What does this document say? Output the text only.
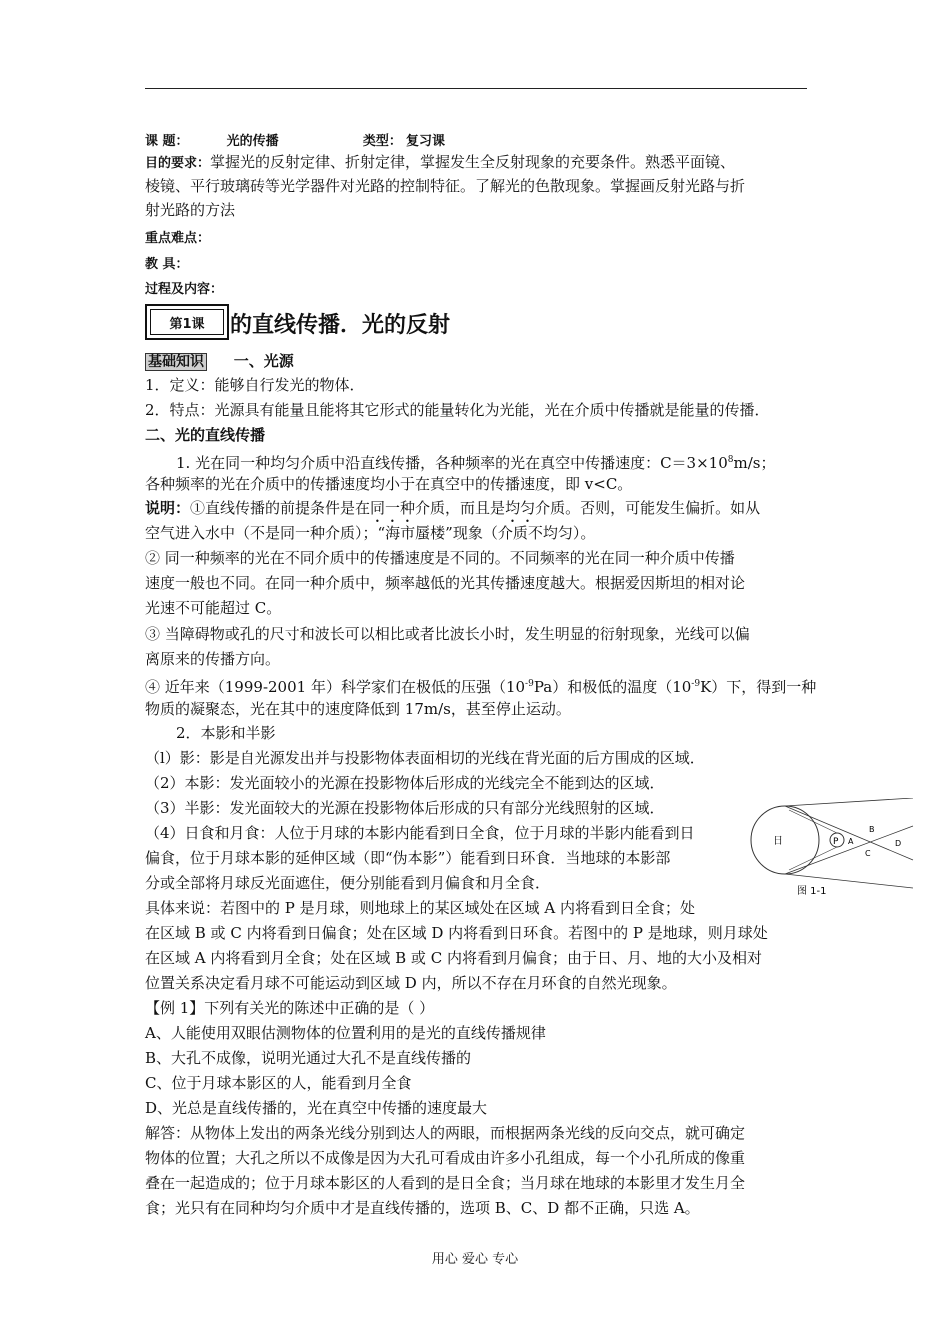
课 题：	光的传播	类型： 复习课
目的要求：掌握光的反射定律、折射定律，掌握发生全反射现象的充要条件。熟悉平面镜、
棱镜、平行玻璃砖等光学器件对光路的控制特征。了解光的色散现象。掌握画反射光路与折
射光路的方法
重点难点：
教 具：
过程及内容：
第1课	的直线传播．光的反射
基础知识 一、光源
1．定义：能够自行发光的物体．
2．特点：光源具有能量且能将其它形式的能量转化为光能，光在介质中传播就是能量的传播．
二、光的直线传播
1. 光在同一种均匀介质中沿直线传播，各种频率的光在真空中传播速度：$C=3\times 10^8m/s$；
各种频率的光在介质中的传播速度均小于在真空中的传播速度，即 v<C。
说明：①直线传播的前提条件是在同一种介质，而且是均匀介质。否则，可能发生偏折。如从
空气进入水中（不是同一种介质）；“海市蜃楼”现象（介质不均匀）。
② 同一种频率的光在不同介质中的传播速度是不同的。不同频率的光在同一种介质中传播
速度一般也不同。在同一种介质中，频率越低的光其传播速度越大。根据爱因斯坦的相对论
光速不可能超过 C。
③ 当障碍物或孔的尺寸和波长可以相比或者比波长小时，发生明显的衍射现象，光线可以偏
离原来的传播方向。
④ 近年来（1999-2001 年）科学家们在极低的压强$(10^{-9}Pa)$和极低的温度$(10^{-9}K)$下，得到一种
物质的凝聚态，光在其中的速度降低到 17m/s，甚至停止运动。
2．本影和半影
（l）影：影是自光源发出并与投影物体表面相切的光线在背光面的后方围成的区域．
（2）本影：发光面较小的光源在投影物体后形成的光线完全不能到达的区域．
（3）半影：发光面较大的光源在投影物体后形成的只有部分光线照射的区域．
（4）日食和月食：人位于月球的本影内能看到日全食，位于月球的半影内能看到日
偏食，位于月球本影的延伸区域（即“伪本影”）能看到日环食．当地球的本影部
分或全部将月球反光面遮住，便分别能看到月偏食和月全食．
具体来说：若图中的 P 是月球，则地球上的某区域处在区域 A 内将看到日全食；处
在区域 B 或 C 内将看到日偏食；处在区域 D 内将看到日环食。若图中的 P 是地球，则月球处
在区域 A 内将看到月全食；处在区域 B 或 C 内将看到月偏食；由于日、月、地的大小及相对
位置关系决定看月球不可能运动到区域 D 内，所以不存在月环食的自然光现象。
日	P A
B
C
D
图 1-1
【例 1】下列有关光的陈述中正确的是（ ）
A、人能使用双眼估测物体的位置利用的是光的直线传播规律
B、大孔不成像，说明光通过大孔不是直线传播的
C、位于月球本影区的人，能看到月全食
D、光总是直线传播的，光在真空中传播的速度最大
解答：从物体上发出的两条光线分别到达人的两眼，而根据两条光线的反向交点，就可确定
物体的位置；大孔之所以不成像是因为大孔可看成由许多小孔组成，每一个小孔所成的像重
叠在一起造成的；位于月球本影区的人看到的是日全食；当月球在地球的本影里才发生月全
食；光只有在同种均匀介质中才是直线传播的，选项 B、C、D 都不正确，只选 A。
用心 爱心 专心
